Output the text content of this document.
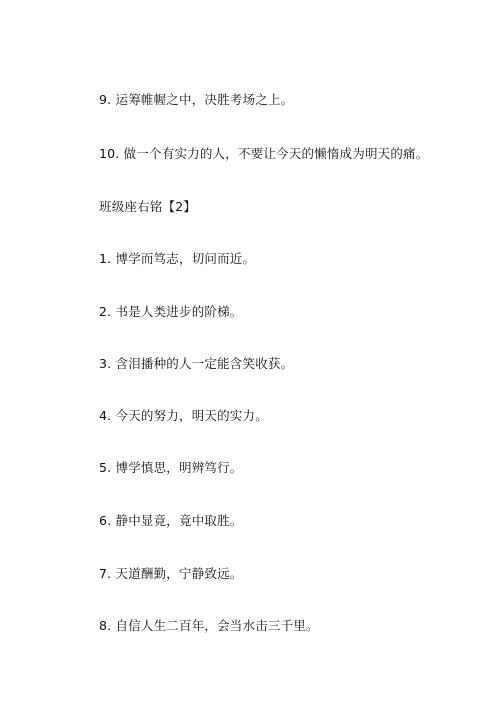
9. 运筹帷幄之中，决胜考场之上。
10. 做一个有实力的人，不要让今天的懒惰成为明天的痛。
班级座右铭【2】
1. 博学而笃志，切问而近。
2. 书是人类进步的阶梯。
3. 含泪播种的人一定能含笑收获。
4. 今天的努力，明天的实力。
5. 博学慎思，明辨笃行。
6. 静中显竟，竟中取胜。
7. 天道酬勤，宁静致远。
8. 自信人生二百年，会当水击三千里。
